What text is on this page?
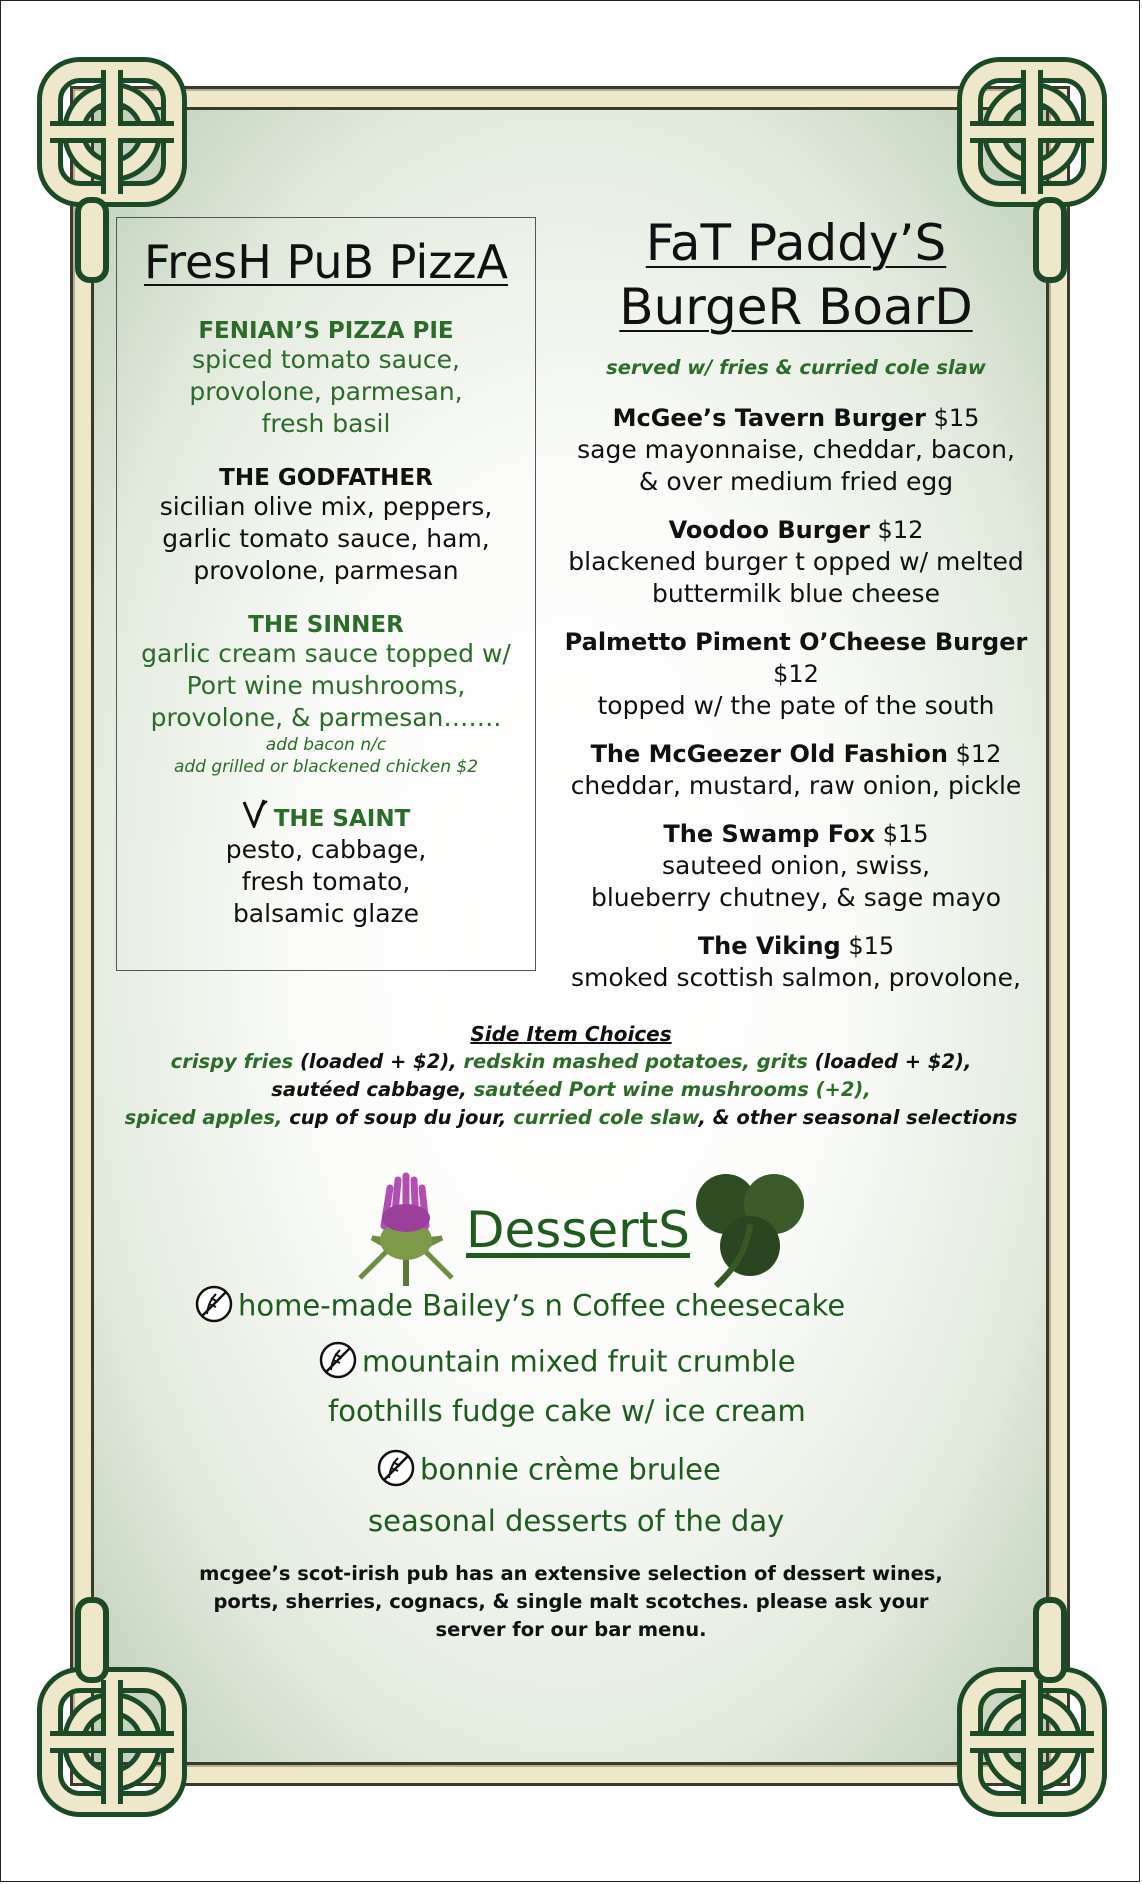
FresH PuB PizzA
FENIAN’S PIZZA PIE
spiced tomato sauce,
provolone, parmesan,
fresh basil
THE GODFATHER
sicilian olive mix, peppers,
garlic tomato sauce, ham,
provolone, parmesan
THE SINNER
garlic cream sauce topped w/
Port wine mushrooms,
provolone, & parmesan…….
add bacon n/c
add grilled or blackened chicken $2
THE SAINT
pesto, cabbage,
fresh tomato,
balsamic glaze
FaT Paddy’S
BurgeR BoarD
served w/ fries & curried cole slaw
McGee’s Tavern Burger $15
sage mayonnaise, cheddar, bacon,
& over medium fried egg
Voodoo Burger $12
blackened burger t opped w/ melted
buttermilk blue cheese
Palmetto Piment O’Cheese Burger $12
topped w/ the pate of the south
The McGeezer Old Fashion $12
cheddar, mustard, raw onion, pickle
The Swamp Fox $15
sauteed onion, swiss,
blueberry chutney, & sage mayo
The Viking $15
smoked scottish salmon, provolone,
Side Item Choices
crispy fries (loaded + $2), redskin mashed potatoes, grits (loaded + $2),
sautéed cabbage, sautéed Port wine mushrooms (+2),
spiced apples, cup of soup du jour, curried cole slaw, & other seasonal selections
DessertS
home-made Bailey’s n Coffee cheesecake
mountain mixed fruit crumble
foothills fudge cake w/ ice cream
bonnie crème brulee
seasonal desserts of the day
mcgee’s scot-irish pub has an extensive selection of dessert wines,
ports, sherries, cognacs, & single malt scotches. please ask your
server for our bar menu.
